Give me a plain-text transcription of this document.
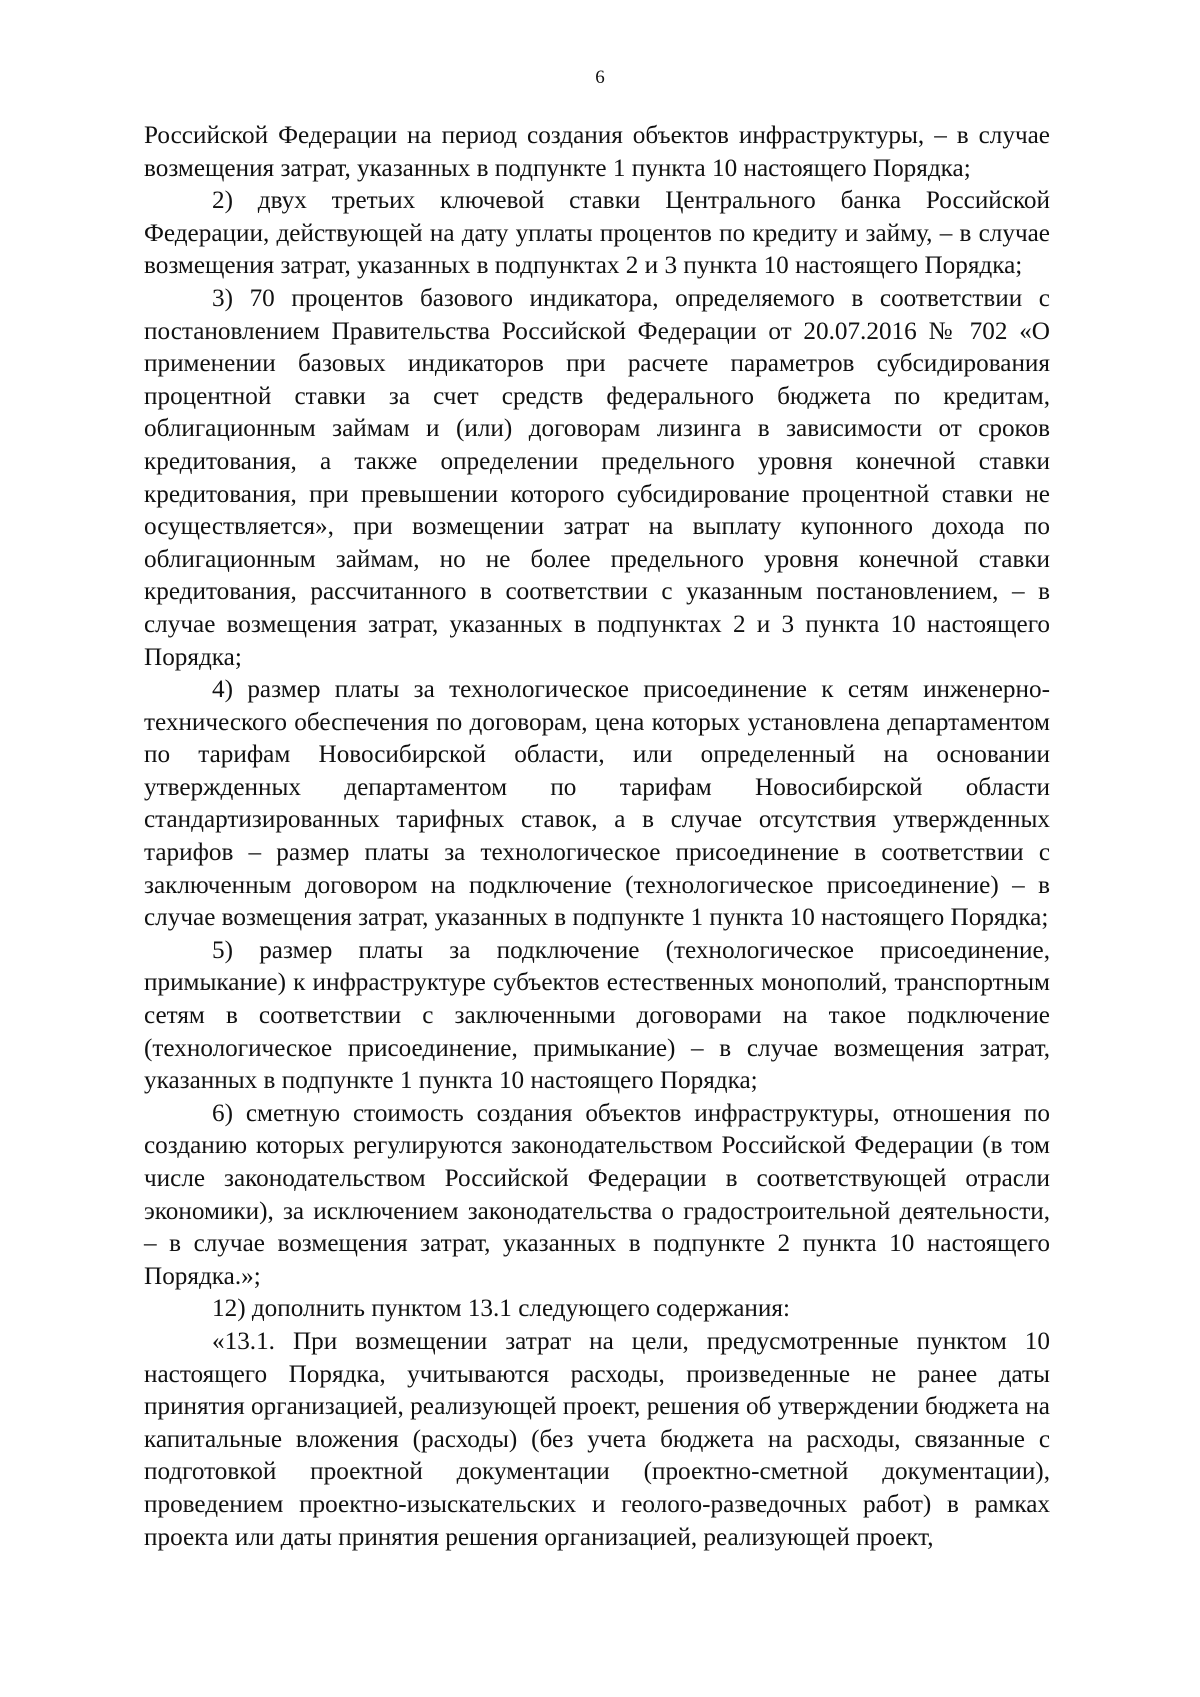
6

Российской Федерации на период создания объектов инфраструктуры, – в случае возмещения затрат, указанных в подпункте 1 пункта 10 настоящего Порядка;

2) двух третьих ключевой ставки Центрального банка Российской Федерации, действующей на дату уплаты процентов по кредиту и займу, – в случае возмещения затрат, указанных в подпунктах 2 и 3 пункта 10 настоящего Порядка;

3) 70 процентов базового индикатора, определяемого в соответствии с постановлением Правительства Российской Федерации от 20.07.2016 № 702 «О применении базовых индикаторов при расчете параметров субсидирования процентной ставки за счет средств федерального бюджета по кредитам, облигационным займам и (или) договорам лизинга в зависимости от сроков кредитования, а также определении предельного уровня конечной ставки кредитования, при превышении которого субсидирование процентной ставки не осуществляется», при возмещении затрат на выплату купонного дохода по облигационным займам, но не более предельного уровня конечной ставки кредитования, рассчитанного в соответствии с указанным постановлением, – в случае возмещения затрат, указанных в подпунктах 2 и 3 пункта 10 настоящего Порядка;

4) размер платы за технологическое присоединение к сетям инженерно-технического обеспечения по договорам, цена которых установлена департаментом по тарифам Новосибирской области, или определенный на основании утвержденных департаментом по тарифам Новосибирской области стандартизированных тарифных ставок, а в случае отсутствия утвержденных тарифов – размер платы за технологическое присоединение в соответствии с заключенным договором на подключение (технологическое присоединение) – в случае возмещения затрат, указанных в подпункте 1 пункта 10 настоящего Порядка;

5) размер платы за подключение (технологическое присоединение, примыкание) к инфраструктуре субъектов естественных монополий, транспортным сетям в соответствии с заключенными договорами на такое подключение (технологическое присоединение, примыкание) – в случае возмещения затрат, указанных в подпункте 1 пункта 10 настоящего Порядка;

6) сметную стоимость создания объектов инфраструктуры, отношения по созданию которых регулируются законодательством Российской Федерации (в том числе законодательством Российской Федерации в соответствующей отрасли экономики), за исключением законодательства о градостроительной деятельности, – в случае возмещения затрат, указанных в подпункте 2 пункта 10 настоящего Порядка.»;

12) дополнить пунктом 13.1 следующего содержания:

«13.1. При возмещении затрат на цели, предусмотренные пунктом 10 настоящего Порядка, учитываются расходы, произведенные не ранее даты принятия организацией, реализующей проект, решения об утверждении бюджета на капитальные вложения (расходы) (без учета бюджета на расходы, связанные с подготовкой проектной документации (проектно-сметной документации), проведением проектно-изыскательских и геолого-разведочных работ) в рамках проекта или даты принятия решения организацией, реализующей проект,
